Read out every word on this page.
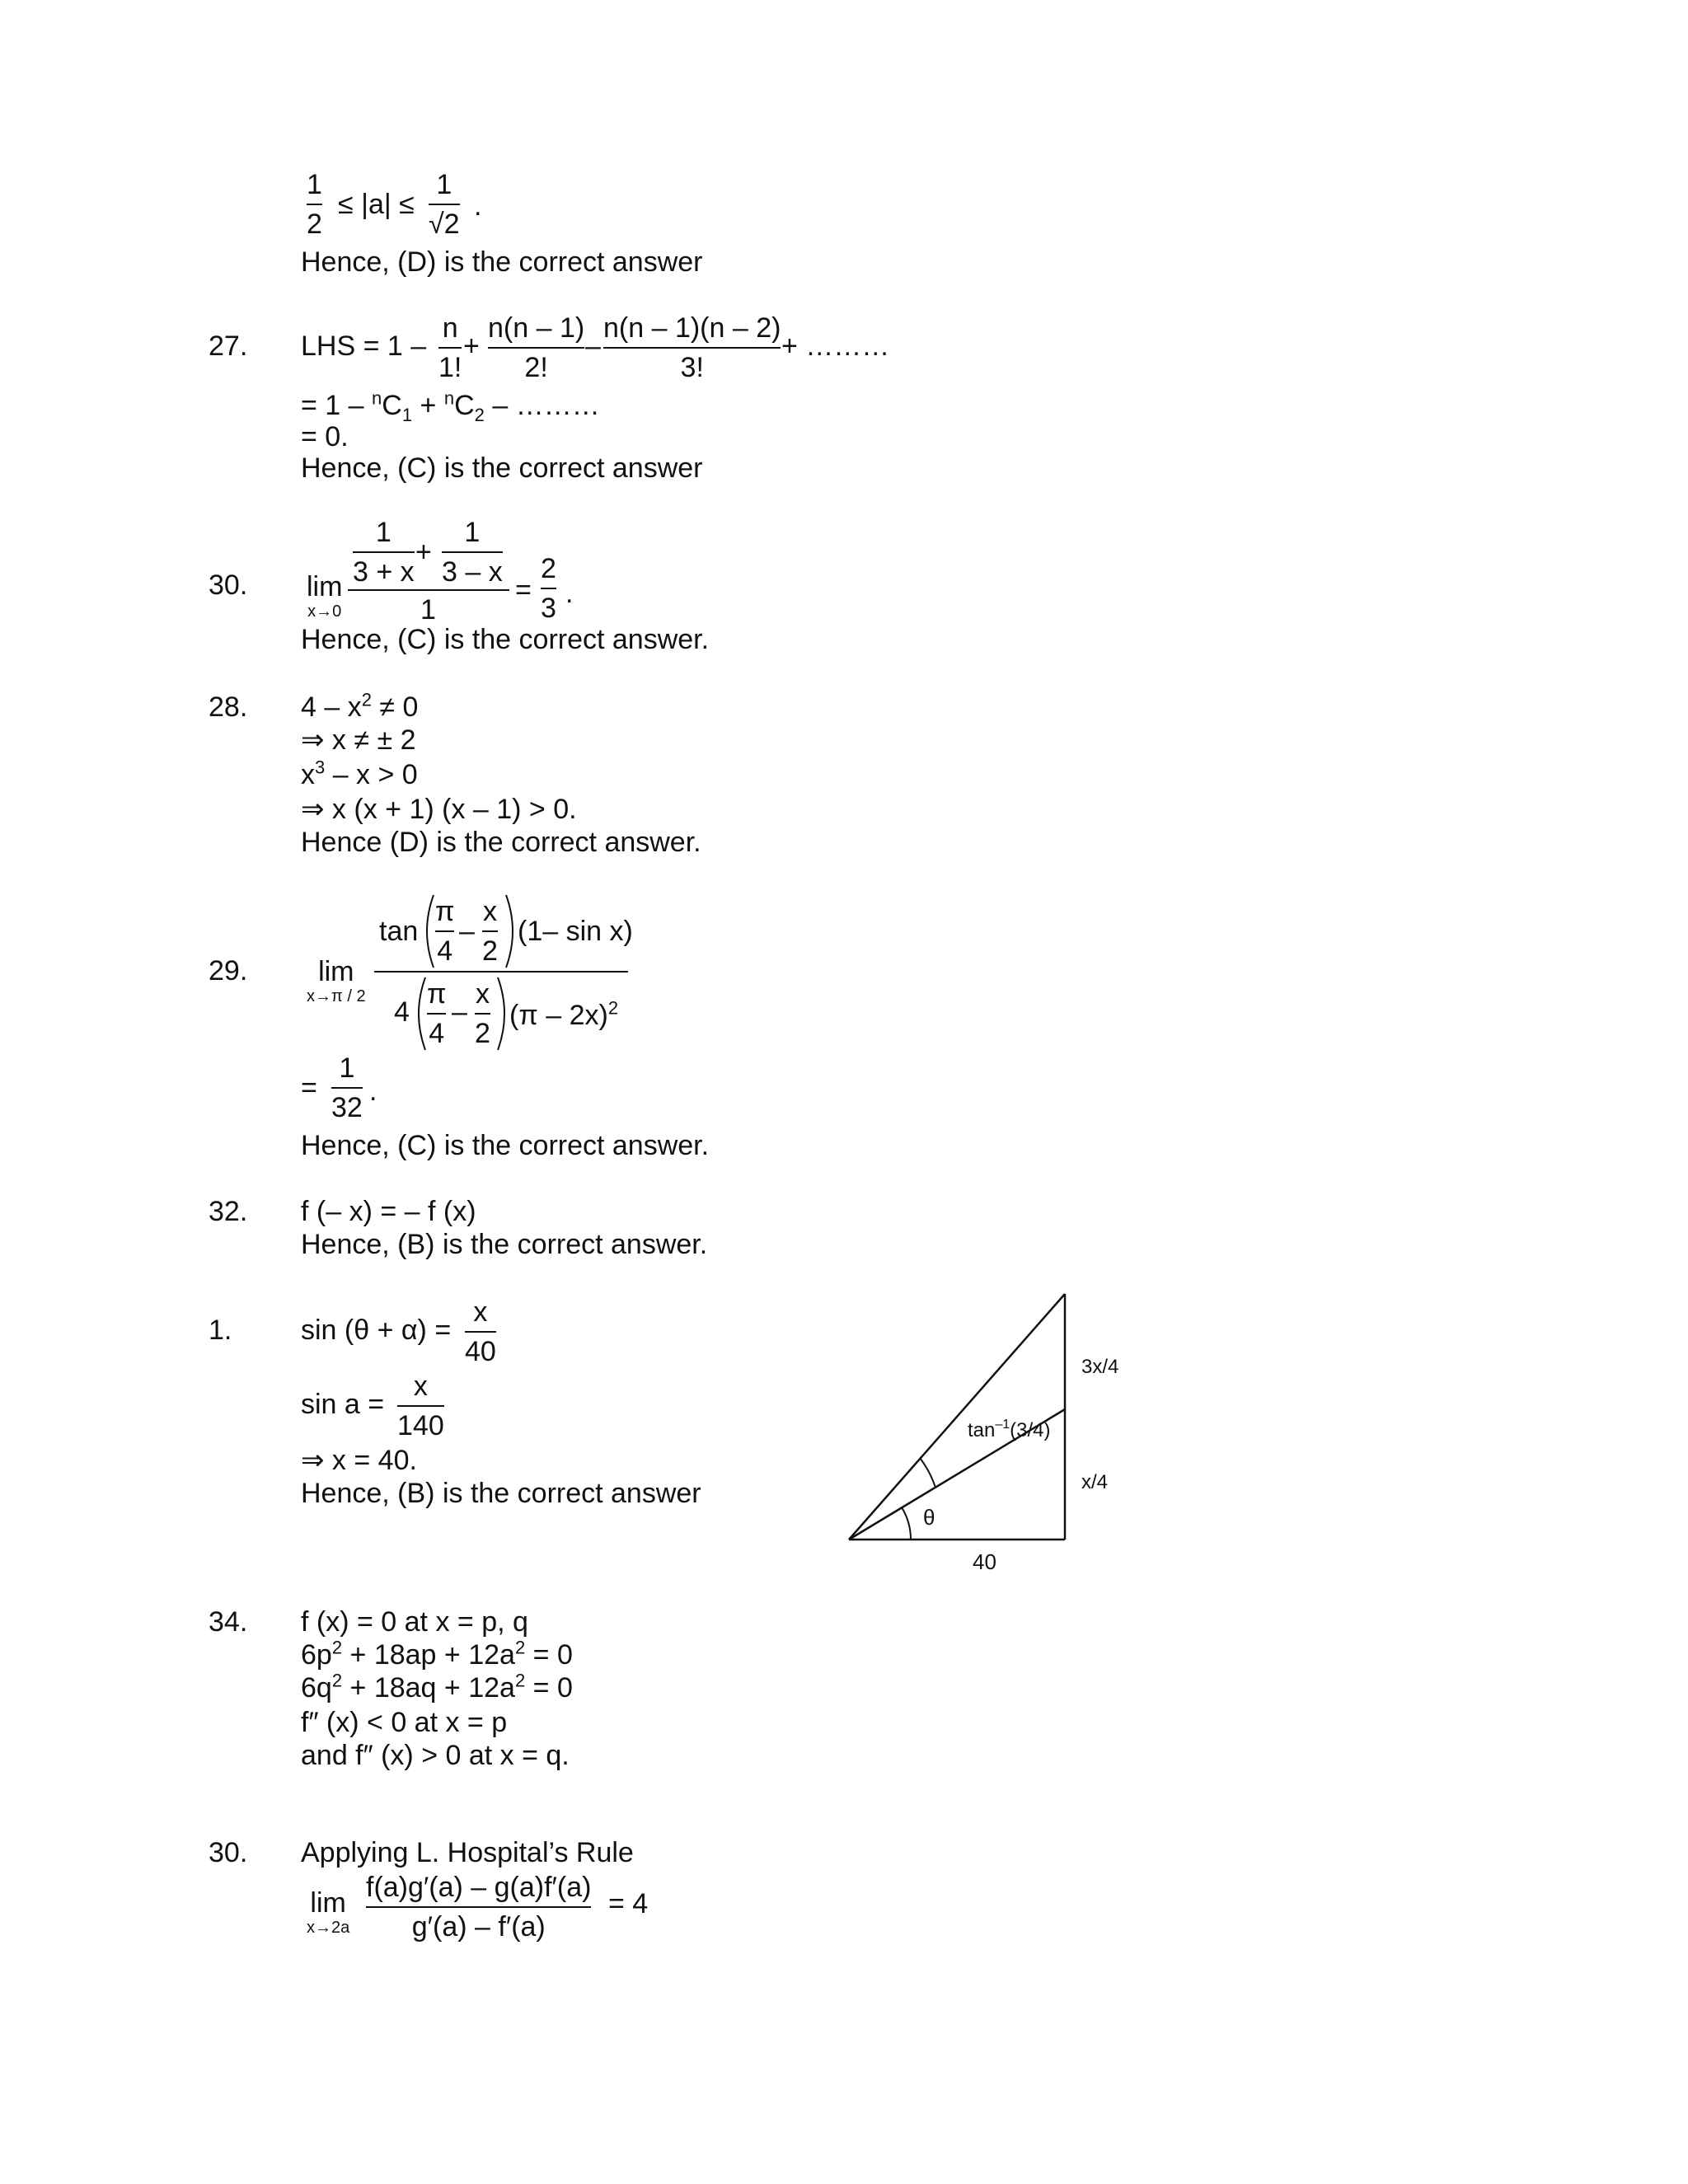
1
2
≤ |a| ≤
1
√2
.
Hence, (D) is the correct answer
27. LHS = 1 –
n
1!
+
n(n – 1)
2!
–
n(n – 1)(n – 2)
3!
+ ………
= $1 - ^nC_1 + ^nC_2$ – ………
= 0.
Hence, (C) is the correct answer
30. lim
x→0
1
3 + x
+
1
3 – x
1
=
2
3 .
Hence, (C) is the correct answer.
28. $4 - x^2 \ne 0$
⇒ x ≠ ± 2
$x^3 - x > 0$
⇒ x (x + 1) (x – 1) > 0.
Hence (D) is the correct answer.
29.	lim
x→π / 2
tan
π
4
–
x
2
(1– sin x)
4
π
4
–
x
2
(π – 2x)$^2$
=
1
32
.
Hence, (C) is the correct answer.
32. f (– x) = – f (x)
Hence, (B) is the correct answer.
1. sin (θ + α) =
x
40
sin a =
x
140
⇒ x = 40.
Hence, (B) is the correct answer
θ
$\tan^{-1}(3/4)$
3x/4
x/4
40
34. f (x) = 0 at x = p, q
$6p^2 + 18ap + 12a^2 = 0$
$6q^2 + 18aq + 12a^2 = 0$
f″ (x) < 0 at x = p
and f″ (x) > 0 at x = q.
30. Applying L. Hospital’s Rule
lim
x→2a
f(a)g′(a) – g(a)f′(a)
g′(a) – f′(a)
= 4
